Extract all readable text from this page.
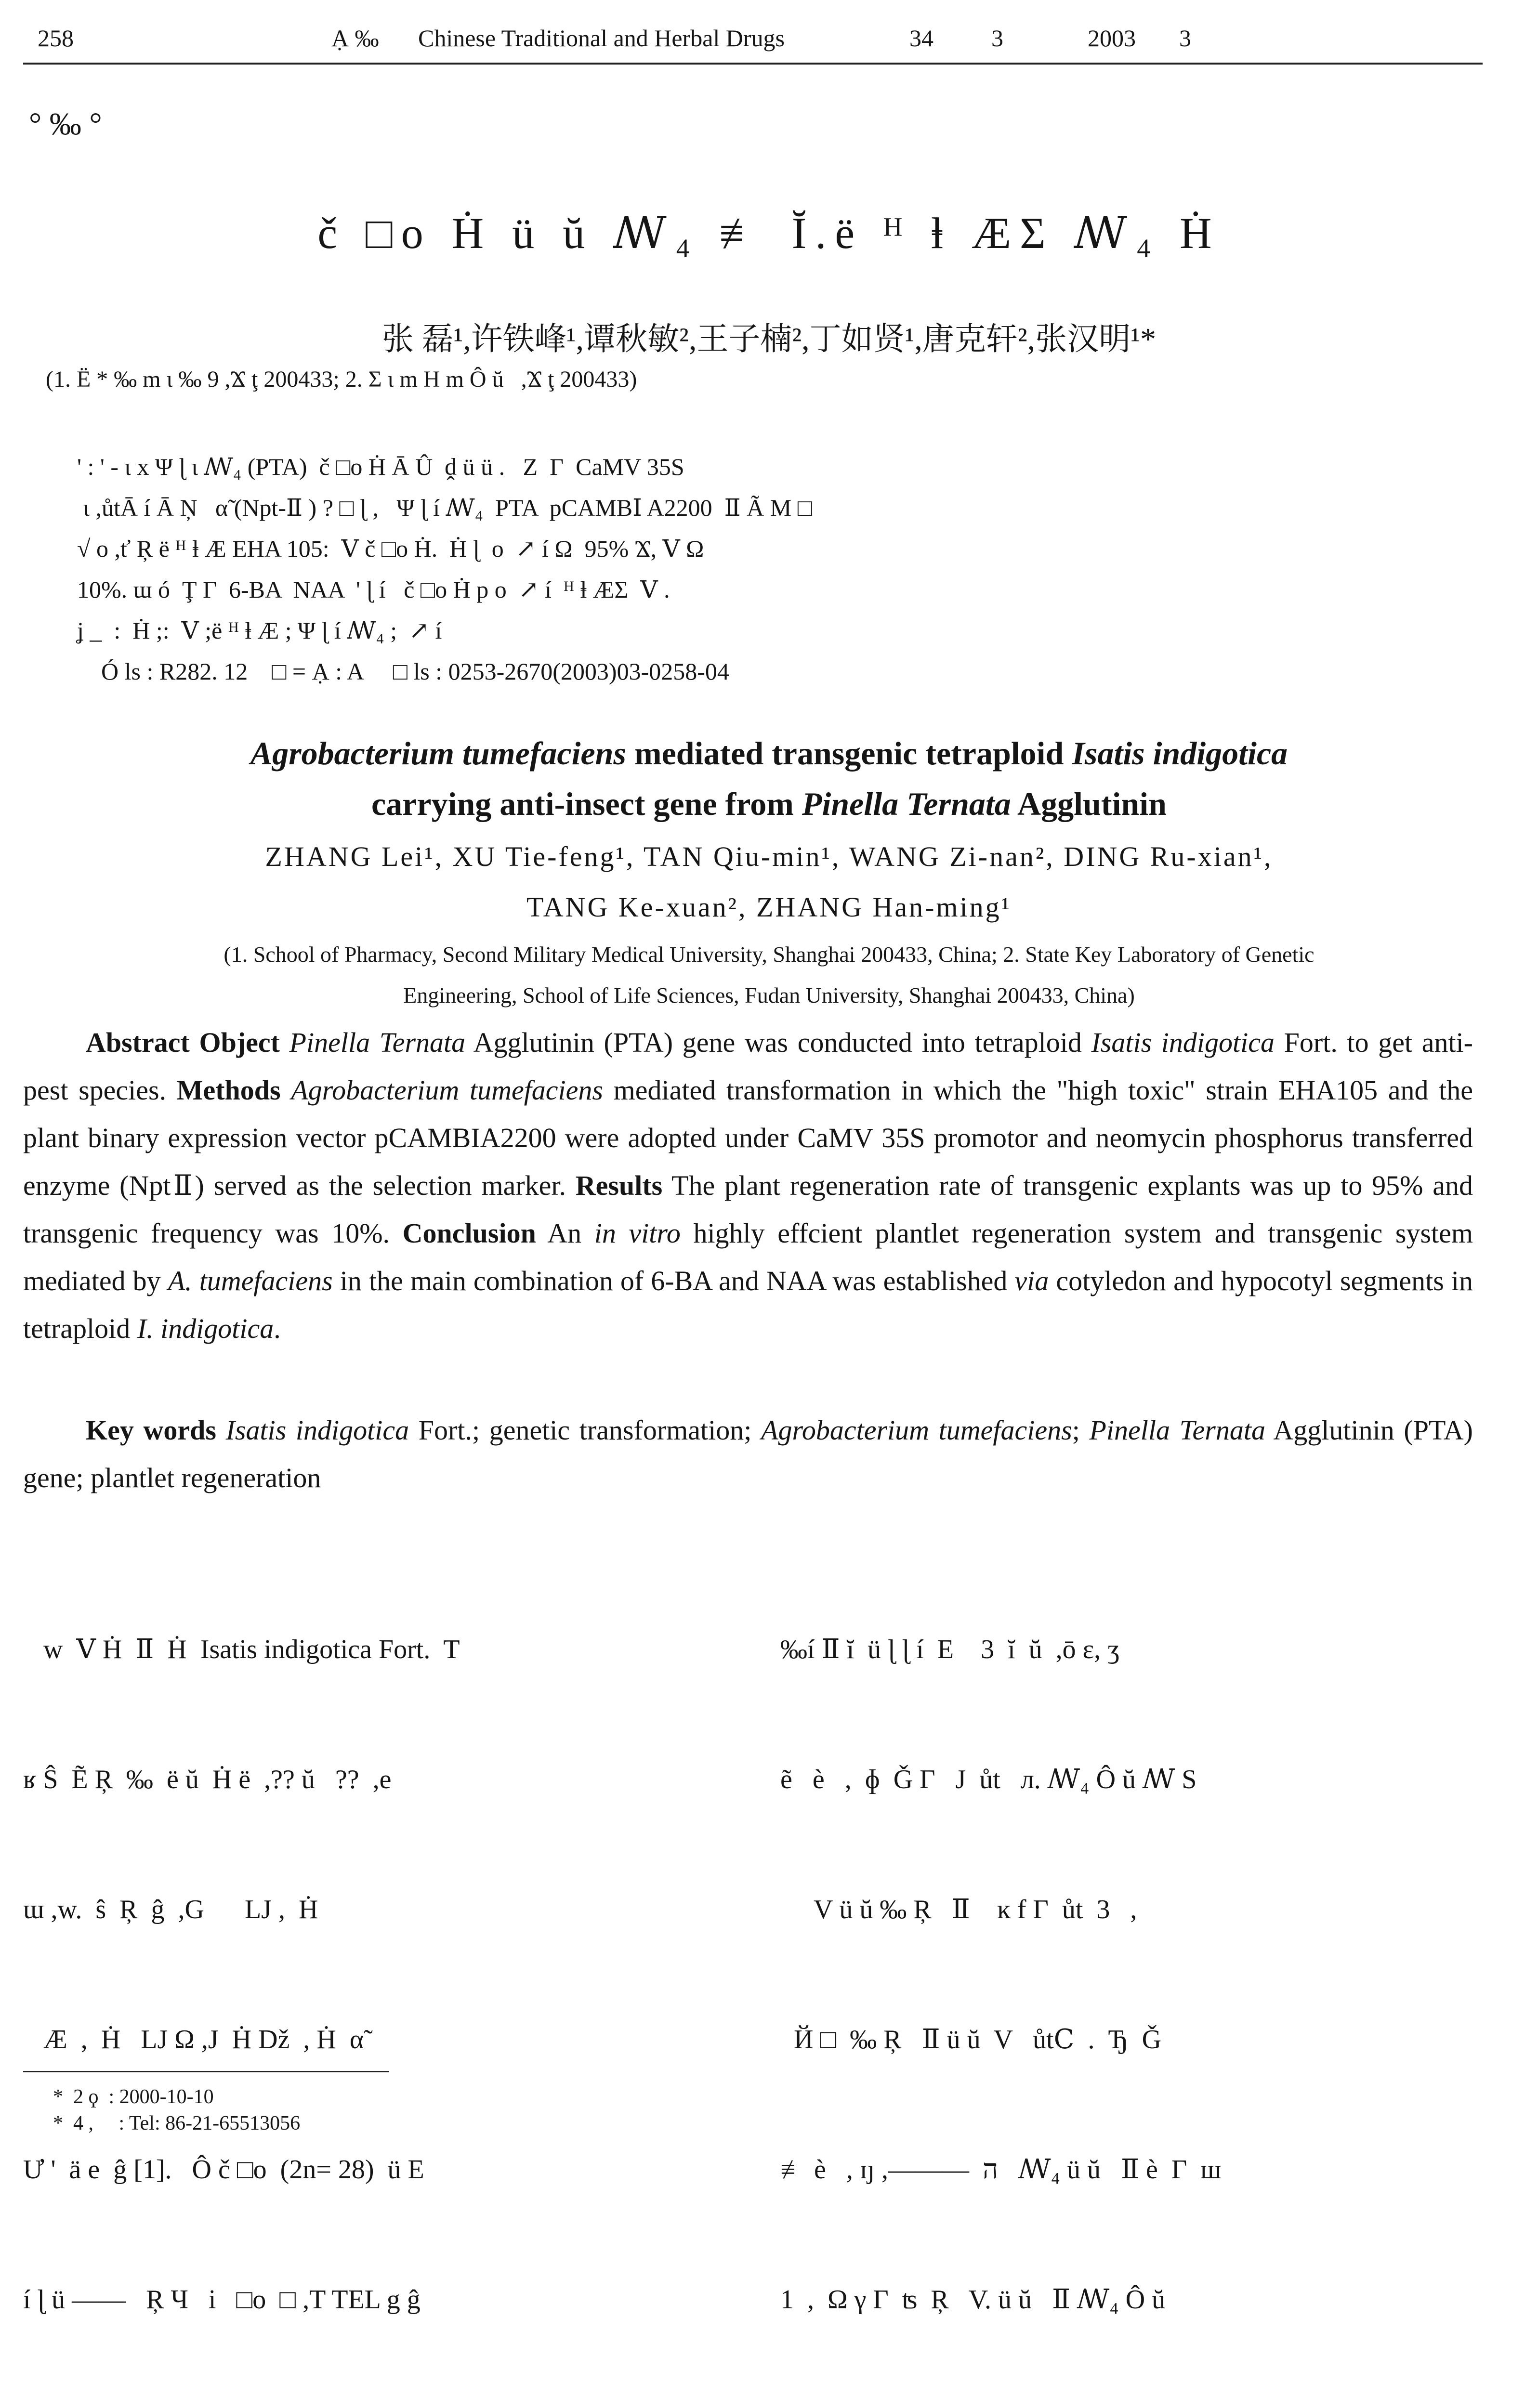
258	Ạ ‰ Chinese Traditional and Herbal Drugs	34 3	2003 3
° ‰ °
č □o Ḣ ü ŭ ꟿ₄ ≢ Ĭ.ë ᴴ ⱡ ÆΣ ꟿ₄ Ḣ
张 磊¹,许铁峰¹,谭秋敏²,王子楠²,丁如贤¹,唐克轩²,张汉明¹*
(1. Ë * ‰ m ɩ ‰ 9 ,Ϫ ţ 200433; 2. Σ ɩ m H m Ô ŭ   ,Ϫ ţ 200433)
' : ' - ɩ x Ψ ɭ ɩ ꟿ₄ (PTA)  č □o Ḣ Ā Û  ḓ ü ü .   Z  Γ  CaMV 35S
ɩ ,ůtĀ í Ā Ņ   α̃ (Npt-Ⅱ ) ? □ ɭ ,   Ψ ɭ í ꟿ₄  PTA  pCAMBⅠ A2200  Ⅱ Ã M □
√ o ,ť Ŗ ë ᴴ ⱡ Æ EHA 105:  Ⅴ č □o Ḣ.  Ḣ ɭ  o  ↗ í Ω  95% Ϫ, Ⅴ Ω
10%. ɯ ó  Ţ Γ  6-BA  NAA  ' ɭ í   č □o Ḣ p o  ↗ í  ᴴ ⱡ ÆΣ  Ⅴ .
ʝ _  :  Ḣ ;:  Ⅴ ;ë ᴴ ⱡ Æ ; Ψ ɭ í ꟿ₄ ;  ↗ í
Ó ls : R282. 12    □ = Ạ : A     □ ls : 0253-2670(2003)03-0258-04
Agrobacterium tumefaciens mediated transgenic tetraploid Isatis indigotica
carrying anti-insect gene from Pinella Ternata Agglutinin
ZHANG Lei¹, XU Tie-feng¹, TAN Qiu-min¹, WANG Zi-nan², DING Ru-xian¹,
TANG Ke-xuan², ZHANG Han-ming¹
(1. School of Pharmacy, Second Military Medical University, Shanghai 200433, China; 2. State Key Laboratory of Genetic
Engineering, School of Life Sciences, Fudan University, Shanghai 200433, China)
Abstract Object Pinella Ternata Agglutinin (PTA) gene was conducted into tetraploid Isatis indigotica Fort. to get anti-pest species. Methods Agrobacterium tumefaciens mediated transformation in which the "high toxic" strain EHA105 and the plant binary expression vector pCAMBIA2200 were adopted under CaMV 35S promotor and neomycin phosphorus transferred enzyme (NptⅡ) served as the selection marker. Results The plant regeneration rate of transgenic explants was up to 95% and transgenic frequency was 10%. Conclusion An in vitro highly effcient plantlet regeneration system and transgenic system mediated by A. tumefaciens in the main combination of 6-BA and NAA was established via cotyledon and hypocotyl segments in tetraploid I. indigotica.
Key words Isatis indigotica Fort.; genetic transformation; Agrobacterium tumefaciens; Pinella Ternata Agglutinin (PTA) gene; plantlet regeneration

w  Ⅴ Ḣ  Ⅱ  Ḣ  Isatis indigotica Fort.  T

ʁ Ŝ  Ẽ Ŗ  ‰  ë ŭ  Ḣ ë  ,?? ŭ   ??  ,e

ɯ ,w.  ŝ  Ŗ  ĝ  ,G      LJ ,  Ḣ

Æ  ,  Ḣ   LJ Ω ,J  Ḣ Dž  , Ḣ  α̃

Ư '  ä e  ĝ [1].   Ô č □o  (2n= 28)  ü E

í ɭ ü ——   Ŗ Ч   i   □o  □ ,T TEL g ĝ

‰í Ⅱ ĭ  ü ɭ ɭ í  E    3  ĭ  ŭ  ,ō ε, ʒ

ẽ   è   ,  ɸ  Ǧ Γ   J  ůt   л. ꟿ₄ Ô ŭ ꟿ S

V ü ŭ ‰ Ŗ   Ⅱ    ĸ f Γ  ůt  3   ,

Й □  ‰ Ŗ   Ⅱ ü ŭ  V   ůtⅭ  .  Ђ  Ǧ

≢ è   , ɪȷ ,———  ה   ꟿ₄ ü ŭ   Ⅱ è  Γ  ш

1  ,  Ω γ Γ  ʦ  Ŗ   V. ü ŭ   Ⅱ ꟿ₄ Ô ŭ

*  2 ϙ  : 2000-10-10
*  4 ,     : Tel: 86-21-65513056
